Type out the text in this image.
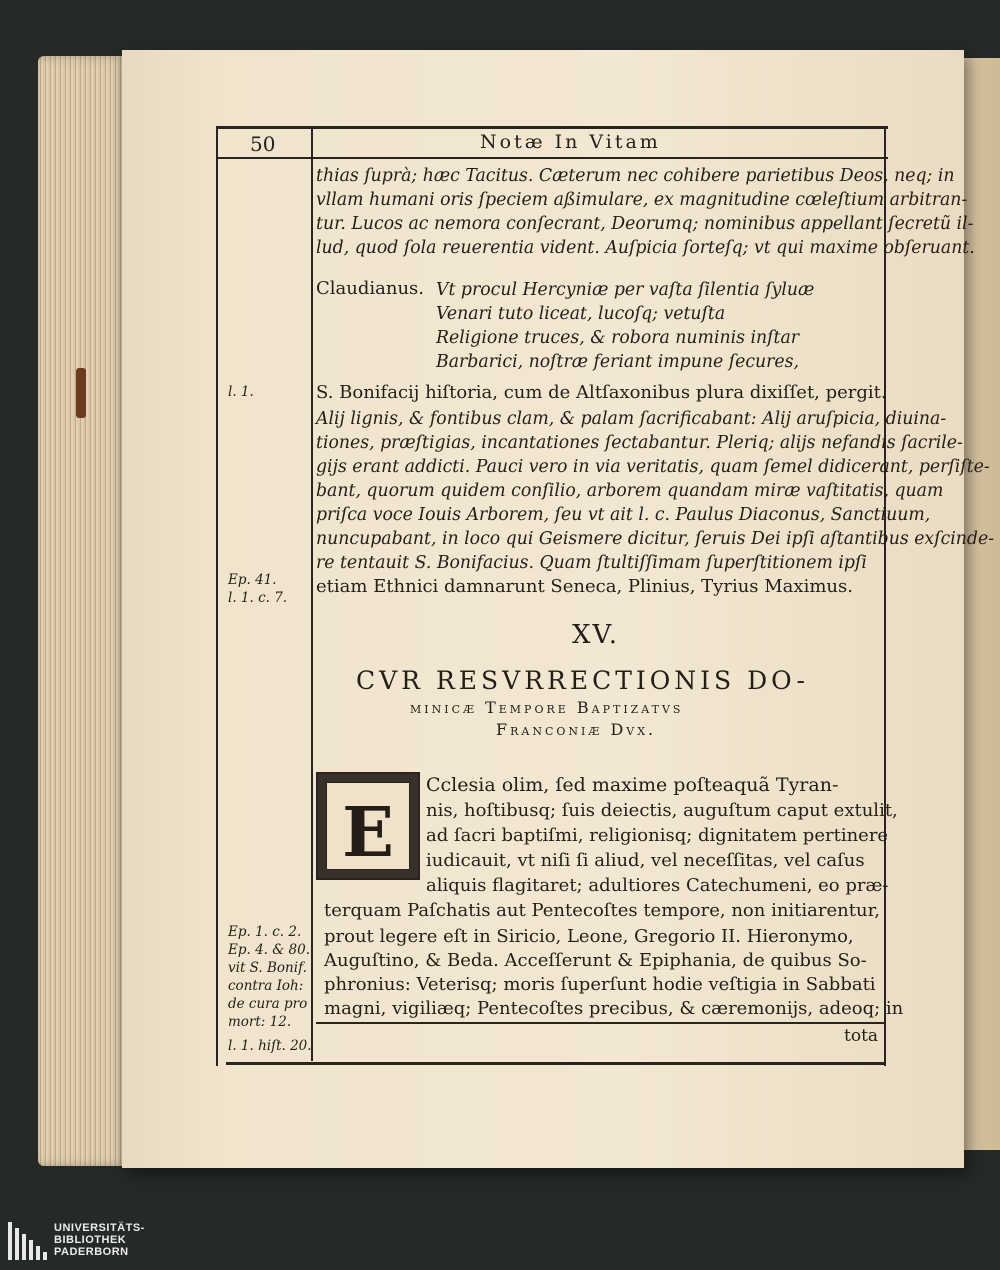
50	Notæ In Vitam
thias ſuprà; hæc Tacitus. Cæterum nec cohibere parietibus Deos, neq; in
vllam humani oris ſpeciem aßimulare, ex magnitudine cœleſtium arbitran-
tur. Lucos ac nemora conſecrant, Deorumq; nominibus appellant ſecretũ il-
lud, quod ſola reuerentia vident. Auſpicia ſorteſq; vt qui maxime obſeruant.
Claudianus. Vt procul Hercyniæ per vaſta ſilentia ſyluæ
Venari tuto liceat, lucoſq; vetuſta
Religione truces, & robora numinis inſtar
Barbarici, noſtræ feriant impune ſecures,
S. Bonifacij hiſtoria, cum de Altſaxonibus plura dixiſſet, pergit.
Alij lignis, & fontibus clam, & palam ſacrificabant: Alij aruſpicia, diuina-
tiones, præſtigias, incantationes ſectabantur. Pleriq; alijs nefandis ſacrile-
gijs erant addicti. Pauci vero in via veritatis, quam ſemel didicerant, perſiſte-
bant, quorum quidem conſilio, arborem quandam miræ vaſtitatis, quam
priſca voce Iouis Arborem, ſeu vt ait l. c. Paulus Diaconus, Sanctiuum,
nuncupabant, in loco qui Geismere dicitur, ſeruis Dei ipſi aſtantibus exſcinde-
re tentauit S. Bonifacius. Quam ſtultiſſimam ſuperſtitionem ipſi
etiam Ethnici damnarunt Seneca, Plinius, Tyrius Maximus.
XV.
CVR RESVRRECTIONIS DO-
minicæ Tempore Baptizatvs
Franconiæ Dvx.
E
Cclesia olim, ſed maxime poſteaquã Tyran-
nis, hoſtibusq; ſuis deiectis, auguſtum caput extulit,
ad ſacri baptiſmi, religionisq; dignitatem pertinere
iudicauit, vt niſi ſi aliud, vel neceſſitas, vel caſus
aliquis flagitaret; adultiores Catechumeni, eo præ-
terquam Paſchatis aut Pentecoſtes tempore, non initiarentur,
prout legere eſt in Siricio, Leone, Gregorio II. Hieronymo,
Auguſtino, & Beda. Acceſſerunt & Epiphania, de quibus So-
phronius: Veterisq; moris ſuperſunt hodie veſtigia in Sabbati
magni, vigiliæq; Pentecoſtes precibus, & cæremonijs, adeoq; in
tota
l. 1.
Ep. 41.
l. 1. c. 7.
Ep. 1. c. 2.
Ep. 4. & 80.
vit S. Bonif.
contra Ioh:
de cura pro
mort: 12.
l. 1. hiſt. 20.
UNIVERSITÄTS-
BIBLIOTHEK
PADERBORN
